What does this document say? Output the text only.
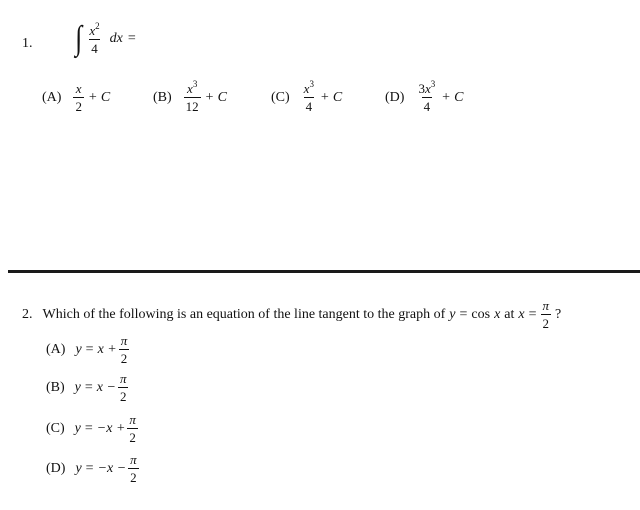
1. ∫ $\frac{x^2}{4}$ dx =
$(A) \frac{x}{2} + C$	$(B) \frac{x^3}{12} + C$	$(C) \frac{x^3}{4} + C$	$(D) \frac{3x^3}{4} + C$
2. Which of the following is an equation of the line tangent to the graph of y = cos x at $x = \frac{\pi}{2}$ ?
(A) $y = x + \frac{\pi}{2}$
(B) $y = x - \frac{\pi}{2}$
(C) $y = -x + \frac{\pi}{2}$
(D) $y = -x - \frac{\pi}{2}$
